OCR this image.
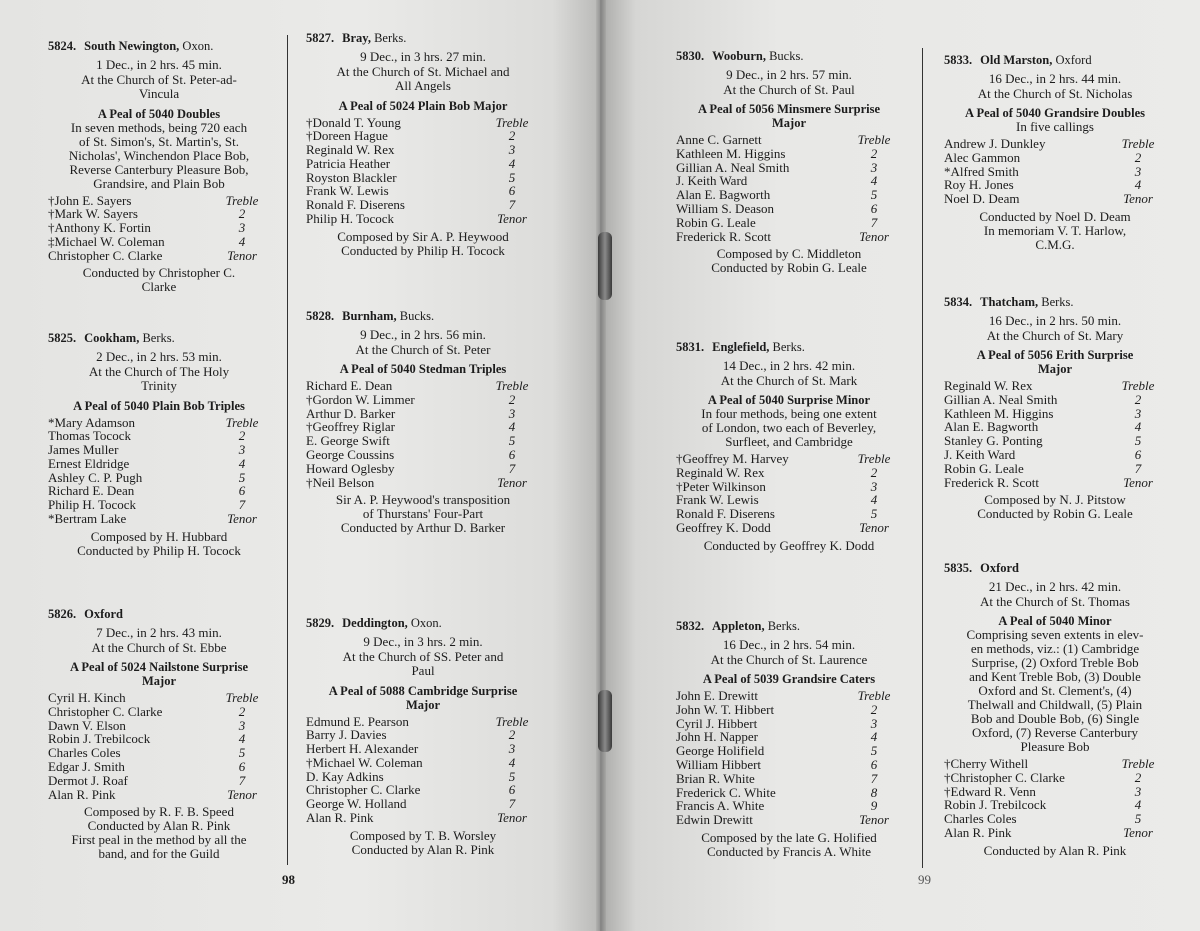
5824. South Newington, Oxon.
1 Dec., in 2 hrs. 45 min.
At the Church of St. Peter-ad-
Vincula
A Peal of 5040 Doubles
In seven methods, being 720 each
of St. Simon's, St. Martin's, St.
Nicholas', Winchendon Place Bob,
Reverse Canterbury Pleasure Bob,
Grandsire, and Plain Bob
†John E. Sayers	Treble
†Mark W. Sayers	2
†Anthony K. Fortin	3
‡Michael W. Coleman	4
Christopher C. Clarke	Tenor
Conducted by Christopher C.
Clarke
5825. Cookham, Berks.
2 Dec., in 2 hrs. 53 min.
At the Church of The Holy
Trinity
A Peal of 5040 Plain Bob Triples
*Mary Adamson	Treble
Thomas Tocock	2
James Muller	3
Ernest Eldridge	4
Ashley C. P. Pugh	5
Richard E. Dean	6
Philip H. Tocock	7
*Bertram Lake	Tenor
Composed by H. Hubbard
Conducted by Philip H. Tocock
5826. Oxford
7 Dec., in 2 hrs. 43 min.
At the Church of St. Ebbe
A Peal of 5024 Nailstone Surprise
Major
Cyril H. Kinch	Treble
Christopher C. Clarke	2
Dawn V. Elson	3
Robin J. Trebilcock	4
Charles Coles	5
Edgar J. Smith	6
Dermot J. Roaf	7
Alan R. Pink	Tenor
Composed by R. F. B. Speed
Conducted by Alan R. Pink
First peal in the method by all the
band, and for the Guild
5827. Bray, Berks.
9 Dec., in 3 hrs. 27 min.
At the Church of St. Michael and
All Angels
A Peal of 5024 Plain Bob Major
†Donald T. Young	Treble
†Doreen Hague	2
Reginald W. Rex	3
Patricia Heather	4
Royston Blackler	5
Frank W. Lewis	6
Ronald F. Diserens	7
Philip H. Tocock	Tenor
Composed by Sir A. P. Heywood
Conducted by Philip H. Tocock
5828. Burnham, Bucks.
9 Dec., in 2 hrs. 56 min.
At the Church of St. Peter
A Peal of 5040 Stedman Triples
Richard E. Dean	Treble
†Gordon W. Limmer	2
Arthur D. Barker	3
†Geoffrey Riglar	4
E. George Swift	5
George Coussins	6
Howard Oglesby	7
†Neil Belson	Tenor
Sir A. P. Heywood's transposition
of Thurstans' Four-Part
Conducted by Arthur D. Barker
5829. Deddington, Oxon.
9 Dec., in 3 hrs. 2 min.
At the Church of SS. Peter and
Paul
A Peal of 5088 Cambridge Surprise
Major
Edmund E. Pearson	Treble
Barry J. Davies	2
Herbert H. Alexander	3
†Michael W. Coleman	4
D. Kay Adkins	5
Christopher C. Clarke	6
George W. Holland	7
Alan R. Pink	Tenor
Composed by T. B. Worsley
Conducted by Alan R. Pink
5830. Wooburn, Bucks.
9 Dec., in 2 hrs. 57 min.
At the Church of St. Paul
A Peal of 5056 Minsmere Surprise
Major
Anne C. Garnett	Treble
Kathleen M. Higgins	2
Gillian A. Neal Smith	3
J. Keith Ward	4
Alan E. Bagworth	5
William S. Deason	6
Robin G. Leale	7
Frederick R. Scott	Tenor
Composed by C. Middleton
Conducted by Robin G. Leale
5831. Englefield, Berks.
14 Dec., in 2 hrs. 42 min.
At the Church of St. Mark
A Peal of 5040 Surprise Minor
In four methods, being one extent
of London, two each of Beverley,
Surfleet, and Cambridge
†Geoffrey M. Harvey	Treble
Reginald W. Rex	2
†Peter Wilkinson	3
Frank W. Lewis	4
Ronald F. Diserens	5
Geoffrey K. Dodd	Tenor
Conducted by Geoffrey K. Dodd
5832. Appleton, Berks.
16 Dec., in 2 hrs. 54 min.
At the Church of St. Laurence
A Peal of 5039 Grandsire Caters
John E. Drewitt	Treble
John W. T. Hibbert	2
Cyril J. Hibbert	3
John H. Napper	4
George Holifield	5
William Hibbert	6
Brian R. White	7
Frederick C. White	8
Francis A. White	9
Edwin Drewitt	Tenor
Composed by the late G. Holified
Conducted by Francis A. White
5833. Old Marston, Oxford
16 Dec., in 2 hrs. 44 min.
At the Church of St. Nicholas
A Peal of 5040 Grandsire Doubles
In five callings
Andrew J. Dunkley	Treble
Alec Gammon	2
*Alfred Smith	3
Roy H. Jones	4
Noel D. Deam	Tenor
Conducted by Noel D. Deam
In memoriam V. T. Harlow,
C.M.G.
5834. Thatcham, Berks.
16 Dec., in 2 hrs. 50 min.
At the Church of St. Mary
A Peal of 5056 Erith Surprise
Major
Reginald W. Rex	Treble
Gillian A. Neal Smith	2
Kathleen M. Higgins	3
Alan E. Bagworth	4
Stanley G. Ponting	5
J. Keith Ward	6
Robin G. Leale	7
Frederick R. Scott	Tenor
Composed by N. J. Pitstow
Conducted by Robin G. Leale
5835. Oxford
21 Dec., in 2 hrs. 42 min.
At the Church of St. Thomas
A Peal of 5040 Minor
Comprising seven extents in elev-
en methods, viz.: (1) Cambridge
Surprise, (2) Oxford Treble Bob
and Kent Treble Bob, (3) Double
Oxford and St. Clement's, (4)
Thelwall and Childwall, (5) Plain
Bob and Double Bob, (6) Single
Oxford, (7) Reverse Canterbury
Pleasure Bob
†Cherry Withell	Treble
†Christopher C. Clarke	2
†Edward R. Venn	3
Robin J. Trebilcock	4
Charles Coles	5
Alan R. Pink	Tenor
Conducted by Alan R. Pink
98	99
